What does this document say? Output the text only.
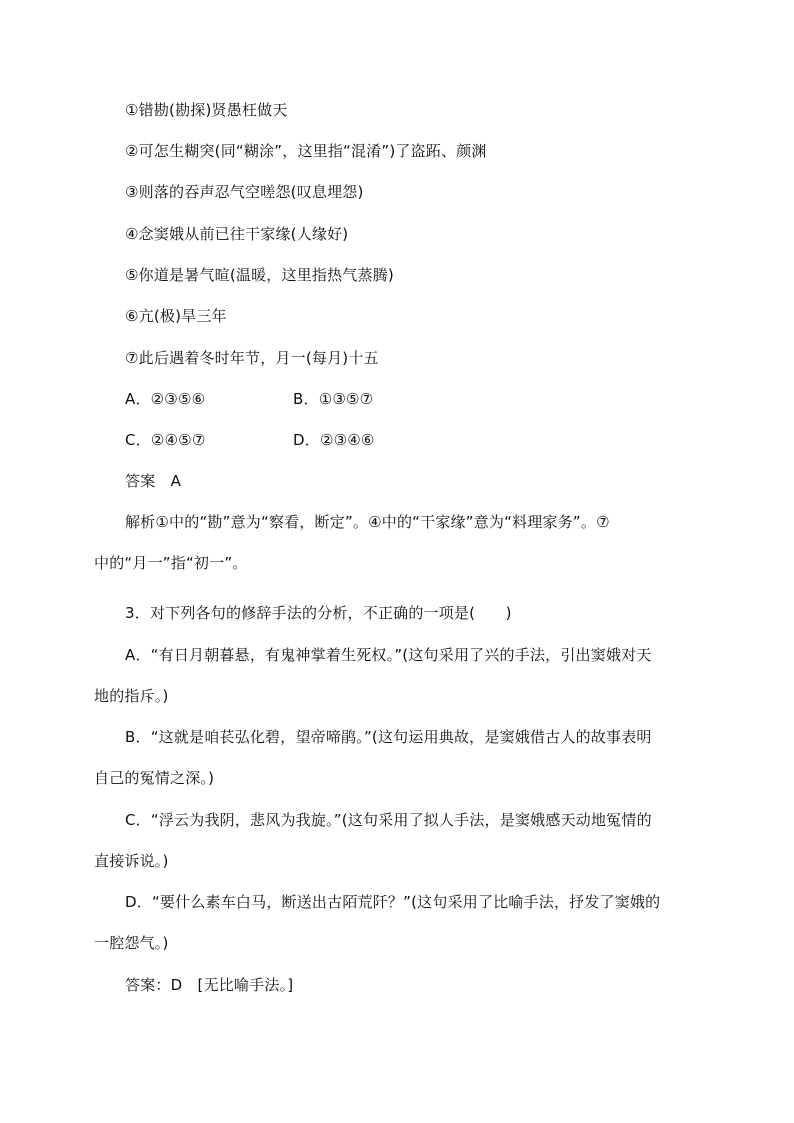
①错勘(勘探)贤愚枉做天
②可怎生糊突(同“糊涂”，这里指“混淆”)了盗跖、颜渊
③则落的吞声忍气空嗟怨(叹息埋怨)
④念窦娥从前已往干家缘(人缘好)
⑤你道是暑气暄(温暖，这里指热气蒸腾)
⑥亢(极)旱三年
⑦此后遇着冬时年节，月一(每月)十五
A．②③⑤⑥	B．①③⑤⑦
C．②④⑤⑦	D．②③④⑥
答案　A
解析①中的“勘”意为“察看，断定”。④中的“干家缘”意为“料理家务”。⑦
中的“月一”指“初一”。
3．对下列各句的修辞手法的分析，不正确的一项是(　　)
A．“有日月朝暮悬，有鬼神掌着生死权。”(这句采用了兴的手法，引出窦娥对天
地的指斥。)
B．“这就是咱苌弘化碧，望帝啼鹃。”(这句运用典故，是窦娥借古人的故事表明
自己的冤情之深。)
C．“浮云为我阴，悲风为我旋。”(这句采用了拟人手法，是窦娥感天动地冤情的
直接诉说。)
D．“要什么素车白马，断送出古陌荒阡？”(这句采用了比喻手法，抒发了窦娥的
一腔怨气。)
答案：D　[无比喻手法。]
